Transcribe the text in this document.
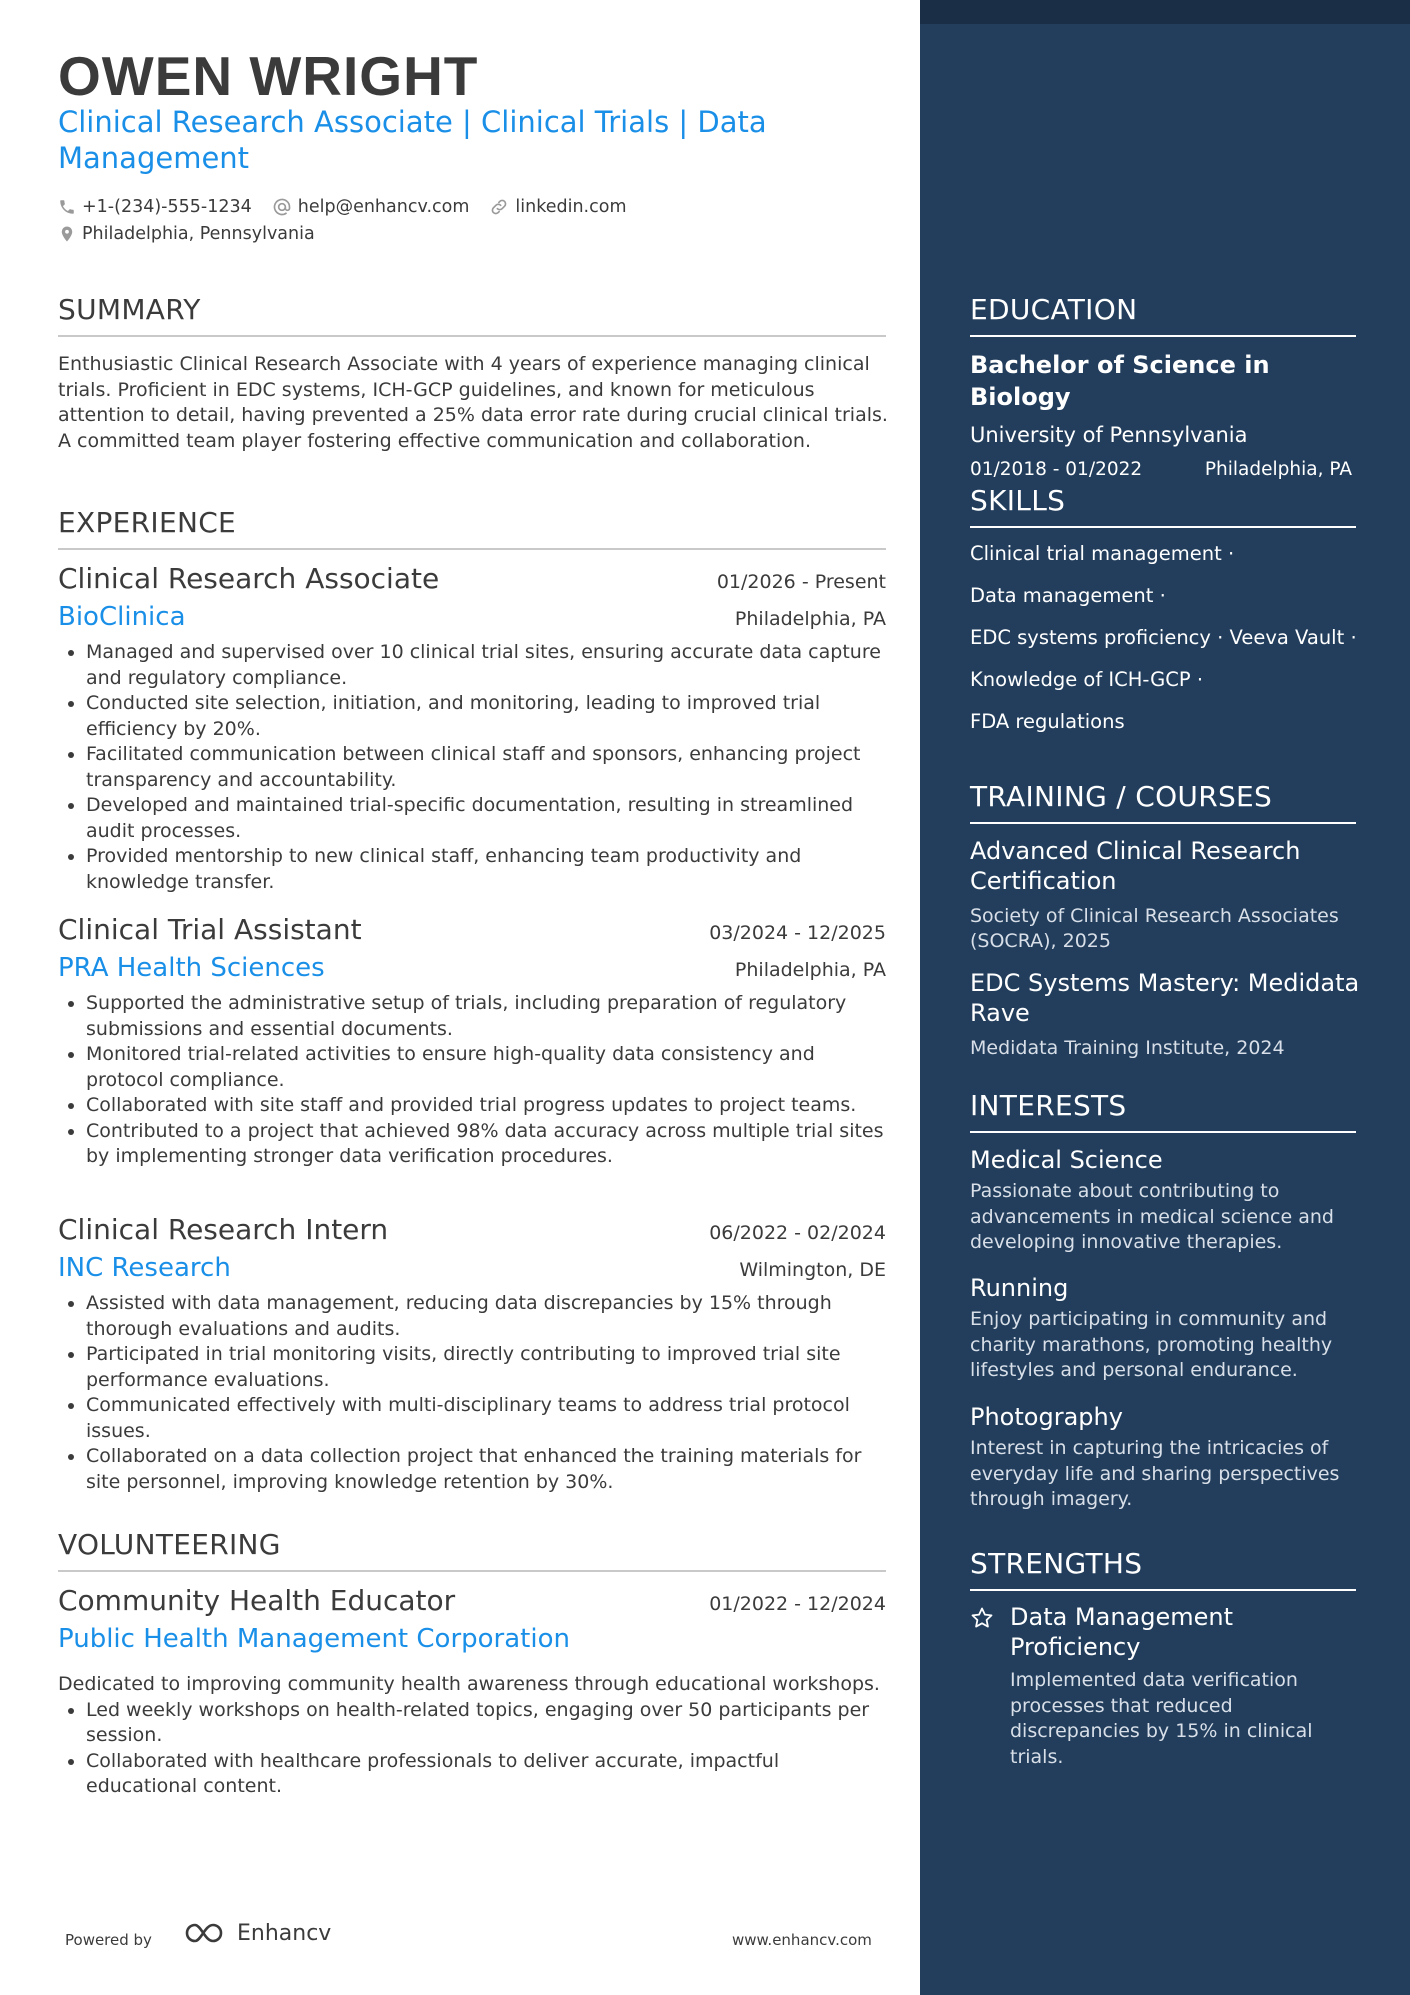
OWEN WRIGHT
Clinical Research Associate | Clinical Trials | Data Management
+1-(234)-555-1234	help@enhancv.com	linkedin.com
Philadelphia, Pennsylvania
SUMMARY
Enthusiastic Clinical Research Associate with 4 years of experience managing clinical trials. Proficient in EDC systems, ICH-GCP guidelines, and known for meticulous attention to detail, having prevented a 25% data error rate during crucial clinical trials. A committed team player fostering effective communication and collaboration.
EXPERIENCE
Clinical Research Associate	01/2026 - Present
BioClinica	Philadelphia, PA
• Managed and supervised over 10 clinical trial sites, ensuring accurate data capture and regulatory compliance.
• Conducted site selection, initiation, and monitoring, leading to improved trial efficiency by 20%.
• Facilitated communication between clinical staff and sponsors, enhancing project transparency and accountability.
• Developed and maintained trial-specific documentation, resulting in streamlined audit processes.
• Provided mentorship to new clinical staff, enhancing team productivity and knowledge transfer.
Clinical Trial Assistant	03/2024 - 12/2025
PRA Health Sciences	Philadelphia, PA
• Supported the administrative setup of trials, including preparation of regulatory submissions and essential documents.
• Monitored trial-related activities to ensure high-quality data consistency and protocol compliance.
• Collaborated with site staff and provided trial progress updates to project teams.
• Contributed to a project that achieved 98% data accuracy across multiple trial sites by implementing stronger data verification procedures.
Clinical Research Intern	06/2022 - 02/2024
INC Research	Wilmington, DE
• Assisted with data management, reducing data discrepancies by 15% through thorough evaluations and audits.
• Participated in trial monitoring visits, directly contributing to improved trial site performance evaluations.
• Communicated effectively with multi-disciplinary teams to address trial protocol issues.
• Collaborated on a data collection project that enhanced the training materials for site personnel, improving knowledge retention by 30%.
VOLUNTEERING
Community Health Educator	01/2022 - 12/2024
Public Health Management Corporation
Dedicated to improving community health awareness through educational workshops.
• Led weekly workshops on health-related topics, engaging over 50 participants per session.
• Collaborated with healthcare professionals to deliver accurate, impactful educational content.
Powered by	Enhancv	www.enhancv.com
EDUCATION
Bachelor of Science in Biology
University of Pennsylvania
01/2018 - 01/2022	Philadelphia, PA
SKILLS
Clinical trial management ·
Data management ·
EDC systems proficiency · Veeva Vault ·
Knowledge of ICH-GCP ·
FDA regulations
TRAINING / COURSES
Advanced Clinical Research Certification
Society of Clinical Research Associates (SOCRA), 2025
EDC Systems Mastery: Medidata Rave
Medidata Training Institute, 2024
INTERESTS
Medical Science
Passionate about contributing to advancements in medical science and developing innovative therapies.
Running
Enjoy participating in community and charity marathons, promoting healthy lifestyles and personal endurance.
Photography
Interest in capturing the intricacies of everyday life and sharing perspectives through imagery.
STRENGTHS
Data Management Proficiency
Implemented data verification processes that reduced discrepancies by 15% in clinical trials.
